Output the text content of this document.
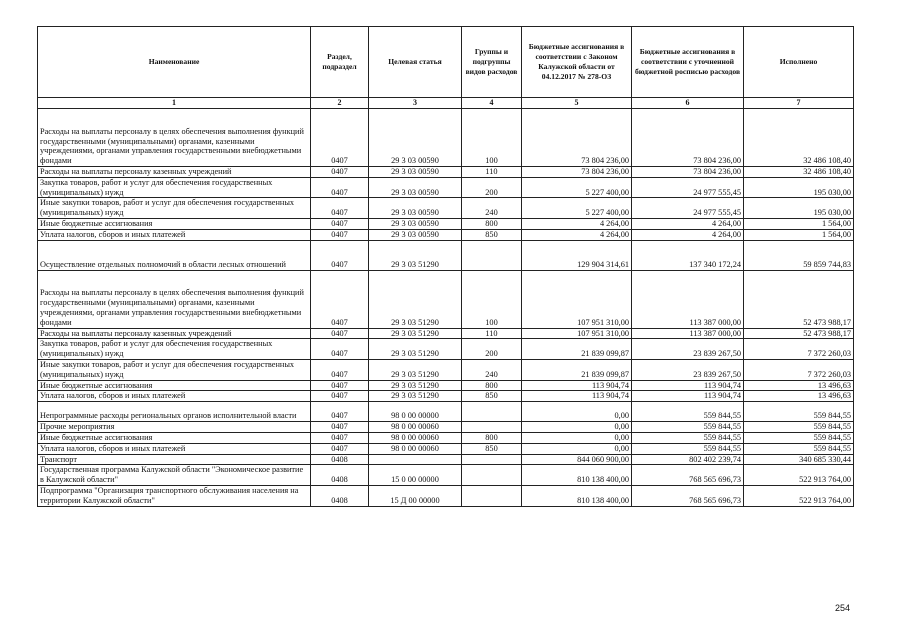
Наименование	Раздел, подраздел	Целевая статья	Группы и подгруппы видов расходов	Бюджетные ассигнования в соответствии с Законом Калужской области от 04.12.2017 № 278-ОЗ	Бюджетные ассигнования в соответствии с уточненной бюджетной росписью расходов	Исполнено
1	2	3	4	5	6	7
Расходы на выплаты персоналу в целях обеспечения выполнения функций государственными (муниципальными) органами, казенными учреждениями, органами управления государственными внебюджетными фондами	0407	29 3 03 00590	100	73 804 236,00	73 804 236,00	32 486 108,40
Расходы на выплаты персоналу казенных учреждений	0407	29 3 03 00590	110	73 804 236,00	73 804 236,00	32 486 108,40
Закупка товаров, работ и услуг для обеспечения государственных (муниципальных) нужд	0407	29 3 03 00590	200	5 227 400,00	24 977 555,45	195 030,00
Иные закупки товаров, работ и услуг для обеспечения государственных (муниципальных) нужд	0407	29 3 03 00590	240	5 227 400,00	24 977 555,45	195 030,00
Иные бюджетные ассигнования	0407	29 3 03 00590	800	4 264,00	4 264,00	1 564,00
Уплата налогов, сборов и иных платежей	0407	29 3 03 00590	850	4 264,00	4 264,00	1 564,00
Осуществление отдельных полномочий в области лесных отношений	0407	29 3 03 51290		129 904 314,61	137 340 172,24	59 859 744,83
Расходы на выплаты персоналу в целях обеспечения выполнения функций государственными (муниципальными) органами, казенными учреждениями, органами управления государственными внебюджетными фондами	0407	29 3 03 51290	100	107 951 310,00	113 387 000,00	52 473 988,17
Расходы на выплаты персоналу казенных учреждений	0407	29 3 03 51290	110	107 951 310,00	113 387 000,00	52 473 988,17
Закупка товаров, работ и услуг для обеспечения государственных (муниципальных) нужд	0407	29 3 03 51290	200	21 839 099,87	23 839 267,50	7 372 260,03
Иные закупки товаров, работ и услуг для обеспечения государственных (муниципальных) нужд	0407	29 3 03 51290	240	21 839 099,87	23 839 267,50	7 372 260,03
Иные бюджетные ассигнования	0407	29 3 03 51290	800	113 904,74	113 904,74	13 496,63
Уплата налогов, сборов и иных платежей	0407	29 3 03 51290	850	113 904,74	113 904,74	13 496,63
Непрограммные расходы региональных органов исполнительной власти	0407	98 0 00 00000		0,00	559 844,55	559 844,55
Прочие мероприятия	0407	98 0 00 00060		0,00	559 844,55	559 844,55
Иные бюджетные ассигнования	0407	98 0 00 00060	800	0,00	559 844,55	559 844,55
Уплата налогов, сборов и иных платежей	0407	98 0 00 00060	850	0,00	559 844,55	559 844,55
Транспорт	0408			844 060 900,00	802 402 239,74	340 685 330,44
Государственная программа Калужской области "Экономическое развитие в Калужской области"	0408	15 0 00 00000		810 138 400,00	768 565 696,73	522 913 764,00
Подпрограмма "Организация транспортного обслуживания населения на территории Калужской области"	0408	15 Д 00 00000		810 138 400,00	768 565 696,73	522 913 764,00
254
